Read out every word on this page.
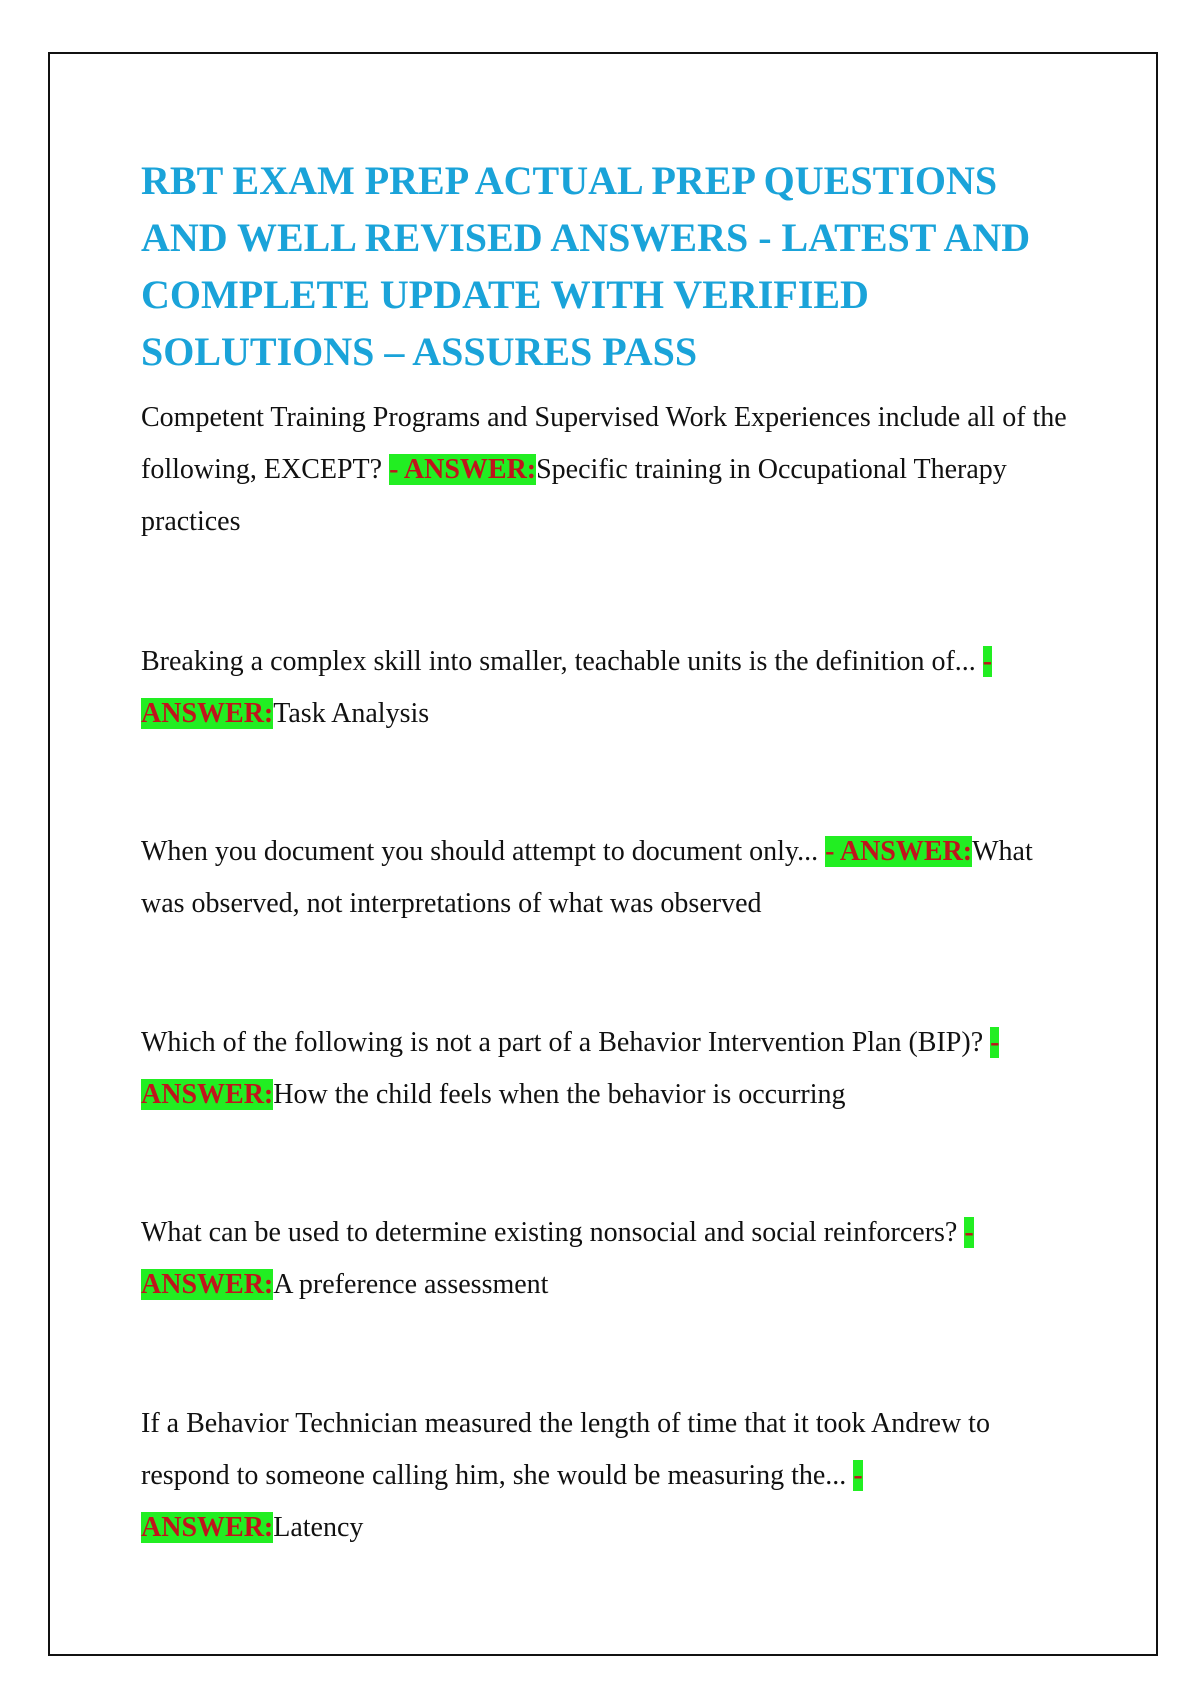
RBT EXAM PREP ACTUAL PREP QUESTIONS AND WELL REVISED ANSWERS - LATEST AND COMPLETE UPDATE WITH VERIFIED SOLUTIONS – ASSURES PASS

Competent Training Programs and Supervised Work Experiences include all of the following, EXCEPT? - ANSWER:Specific training in Occupational Therapy practices

Breaking a complex skill into smaller, teachable units is the definition of... - ANSWER:Task Analysis

When you document you should attempt to document only... - ANSWER:What was observed, not interpretations of what was observed

Which of the following is not a part of a Behavior Intervention Plan (BIP)? - ANSWER:How the child feels when the behavior is occurring

What can be used to determine existing nonsocial and social reinforcers? - ANSWER:A preference assessment

If a Behavior Technician measured the length of time that it took Andrew to respond to someone calling him, she would be measuring the... - ANSWER:Latency
